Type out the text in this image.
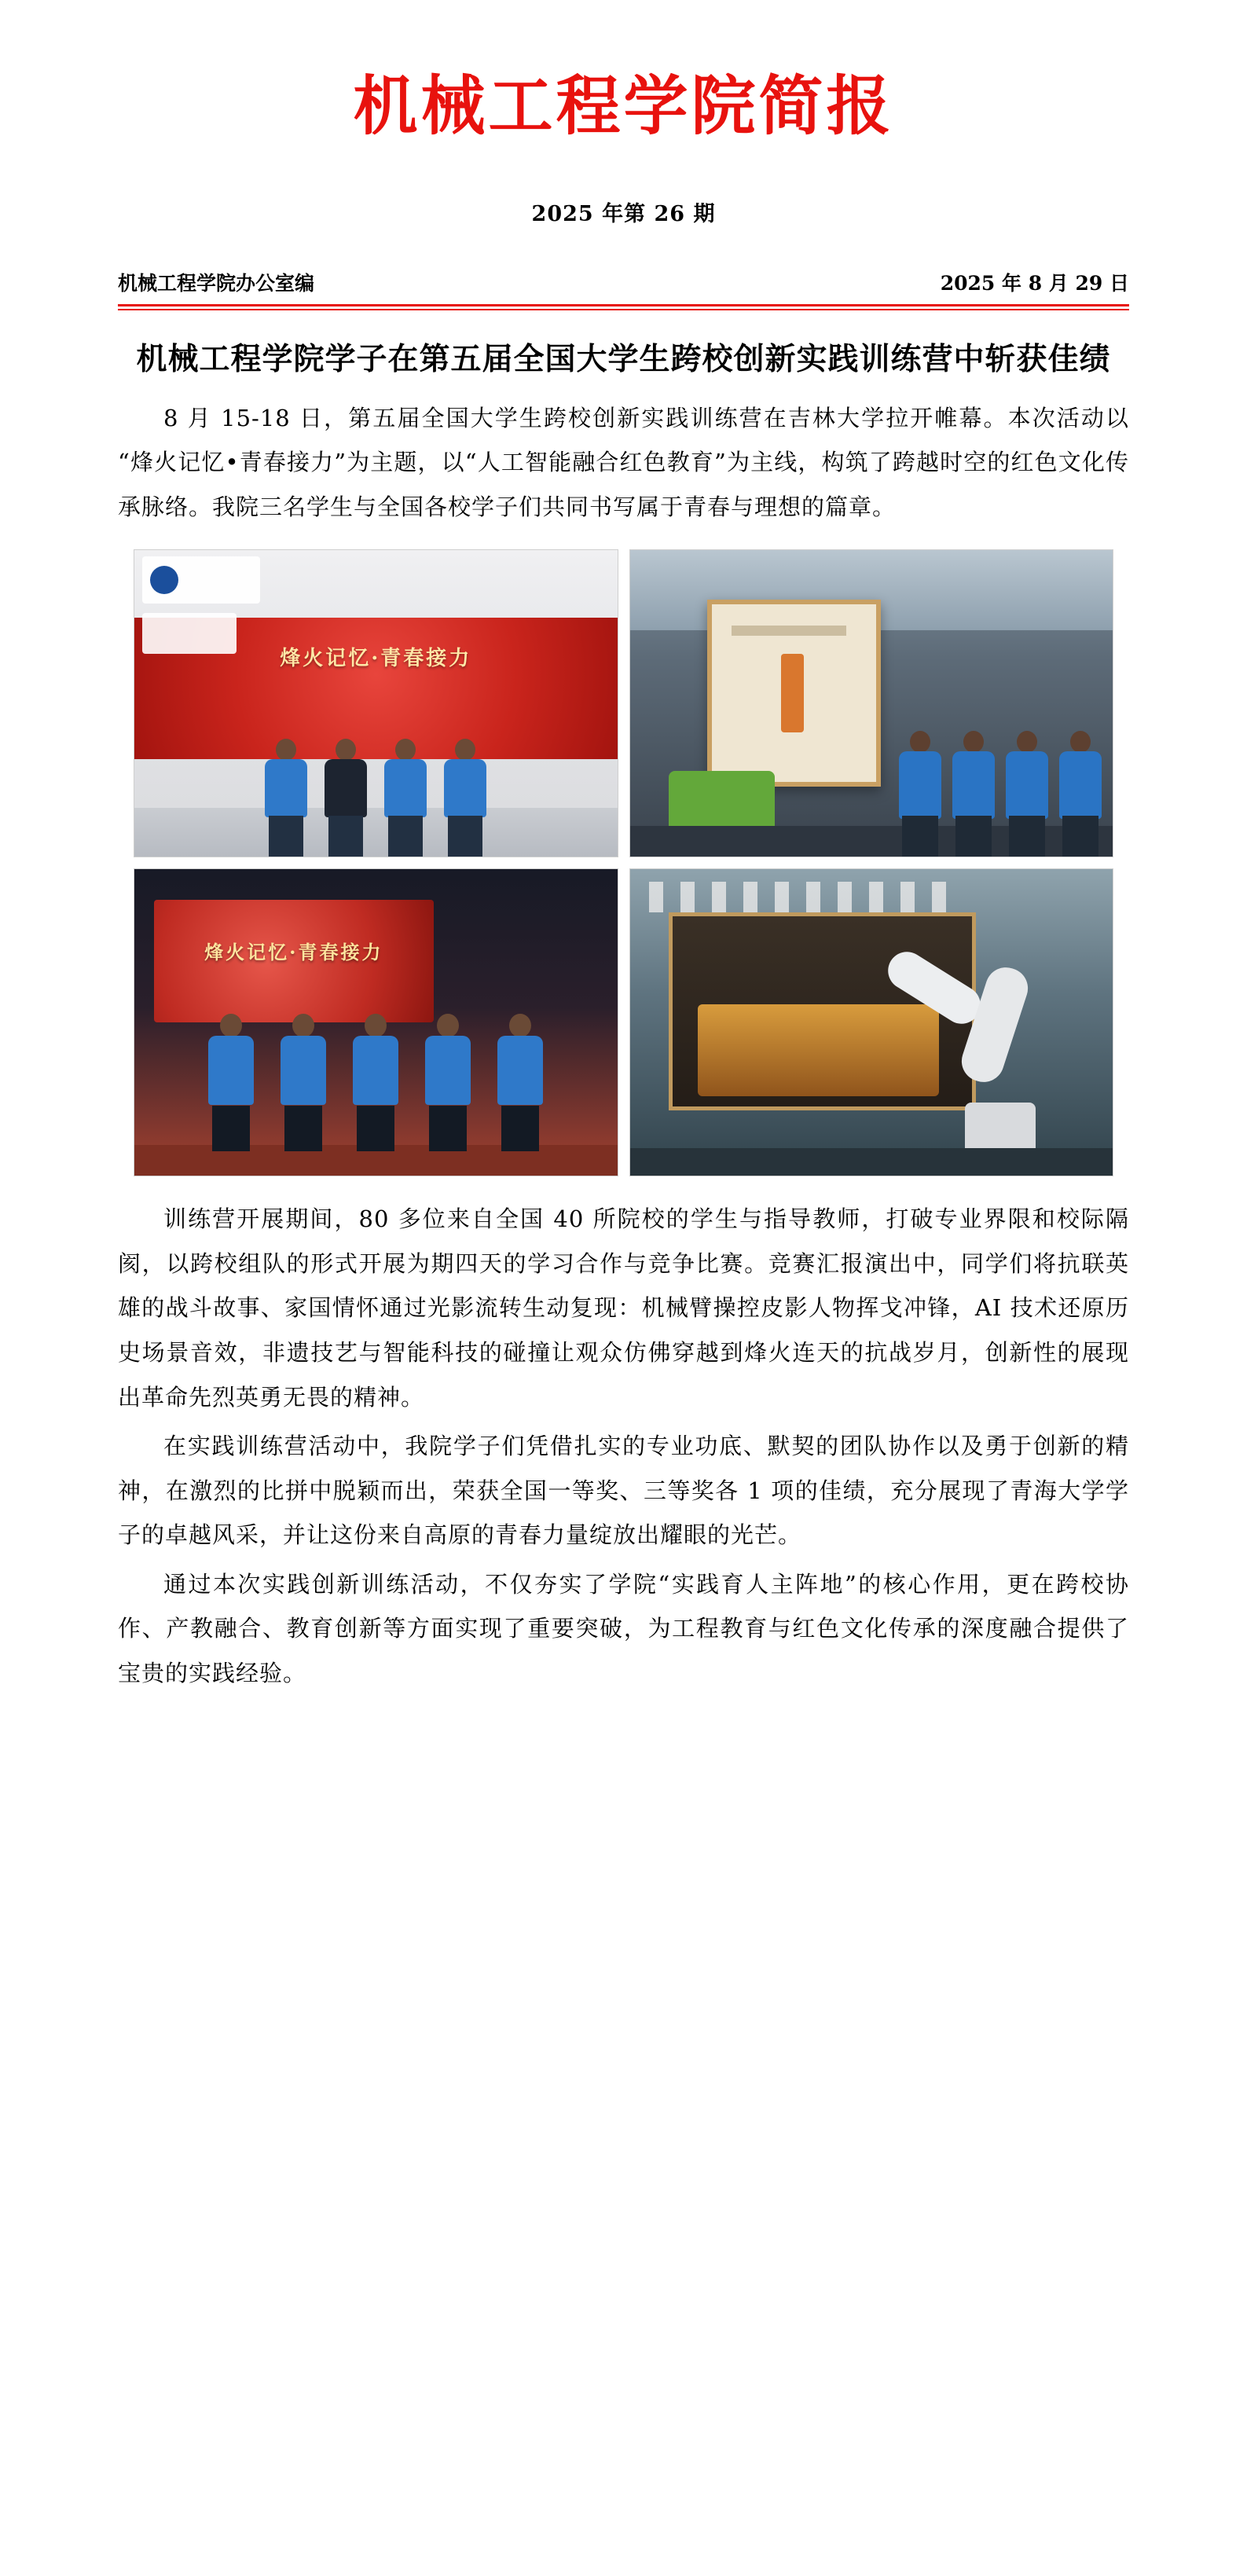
机械工程学院简报
2025 年第 26 期
机械工程学院办公室编	2025 年 8 月 29 日
机械工程学院学子在第五届全国大学生跨校创新实践训练营中斩获佳绩

8 月 15-18 日，第五届全国大学生跨校创新实践训练营在吉林大学拉开帷幕。本次活动以“烽火记忆•青春接力”为主题，以“人工智能融合红色教育”为主线，构筑了跨越时空的红色文化传承脉络。我院三名学生与全国各校学子们共同书写属于青春与理想的篇章。

烽火记忆·青春接力
烽火记忆·青春接力

训练营开展期间，80 多位来自全国 40 所院校的学生与指导教师，打破专业界限和校际隔阂，以跨校组队的形式开展为期四天的学习合作与竞争比赛。竞赛汇报演出中，同学们将抗联英雄的战斗故事、家国情怀通过光影流转生动复现：机械臂操控皮影人物挥戈冲锋，AI 技术还原历史场景音效，非遗技艺与智能科技的碰撞让观众仿佛穿越到烽火连天的抗战岁月，创新性的展现出革命先烈英勇无畏的精神。

在实践训练营活动中，我院学子们凭借扎实的专业功底、默契的团队协作以及勇于创新的精神，在激烈的比拼中脱颖而出，荣获全国一等奖、三等奖各 1 项的佳绩，充分展现了青海大学学子的卓越风采，并让这份来自高原的青春力量绽放出耀眼的光芒。

通过本次实践创新训练活动，不仅夯实了学院“实践育人主阵地”的核心作用，更在跨校协作、产教融合、教育创新等方面实现了重要突破，为工程教育与红色文化传承的深度融合提供了宝贵的实践经验。
